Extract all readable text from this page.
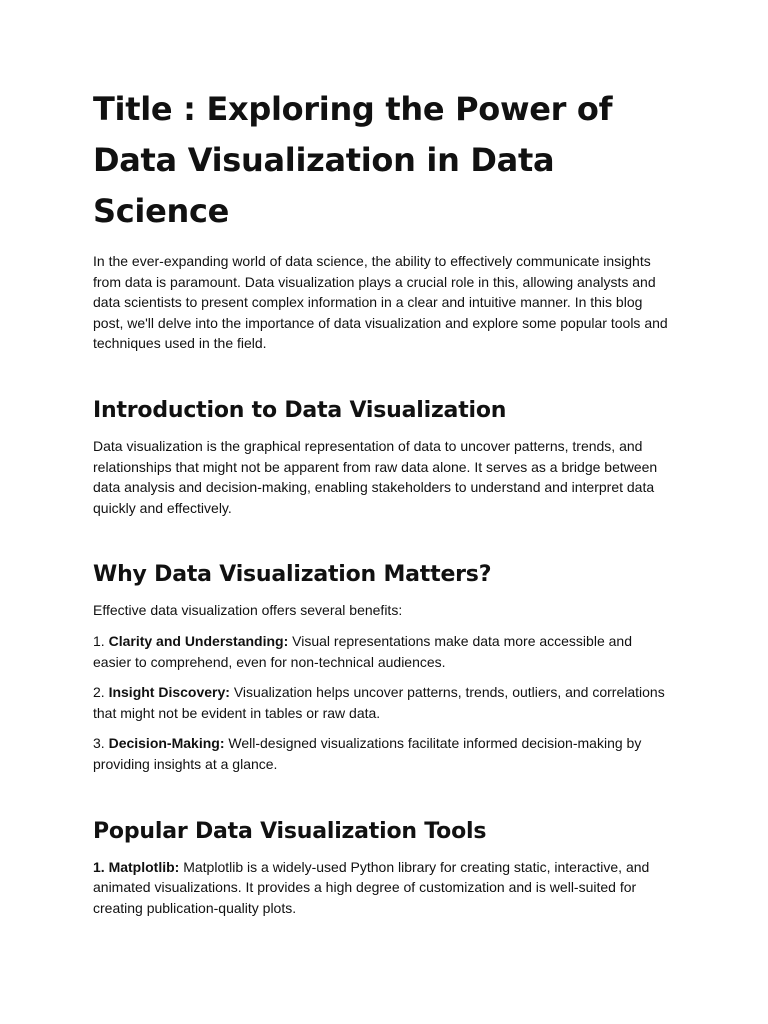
Title : Exploring the Power of Data Visualization in Data Science

In the ever-expanding world of data science, the ability to effectively communicate insights from data is paramount. Data visualization plays a crucial role in this, allowing analysts and data scientists to present complex information in a clear and intuitive manner. In this blog post, we'll delve into the importance of data visualization and explore some popular tools and techniques used in the field.

Introduction to Data Visualization

Data visualization is the graphical representation of data to uncover patterns, trends, and relationships that might not be apparent from raw data alone. It serves as a bridge between data analysis and decision-making, enabling stakeholders to understand and interpret data quickly and effectively.

Why Data Visualization Matters?

Effective data visualization offers several benefits:

1. Clarity and Understanding: Visual representations make data more accessible and easier to comprehend, even for non-technical audiences.

2. Insight Discovery: Visualization helps uncover patterns, trends, outliers, and correlations that might not be evident in tables or raw data.

3. Decision-Making: Well-designed visualizations facilitate informed decision-making by providing insights at a glance.

Popular Data Visualization Tools

1. Matplotlib: Matplotlib is a widely-used Python library for creating static, interactive, and animated visualizations. It provides a high degree of customization and is well-suited for creating publication-quality plots.
